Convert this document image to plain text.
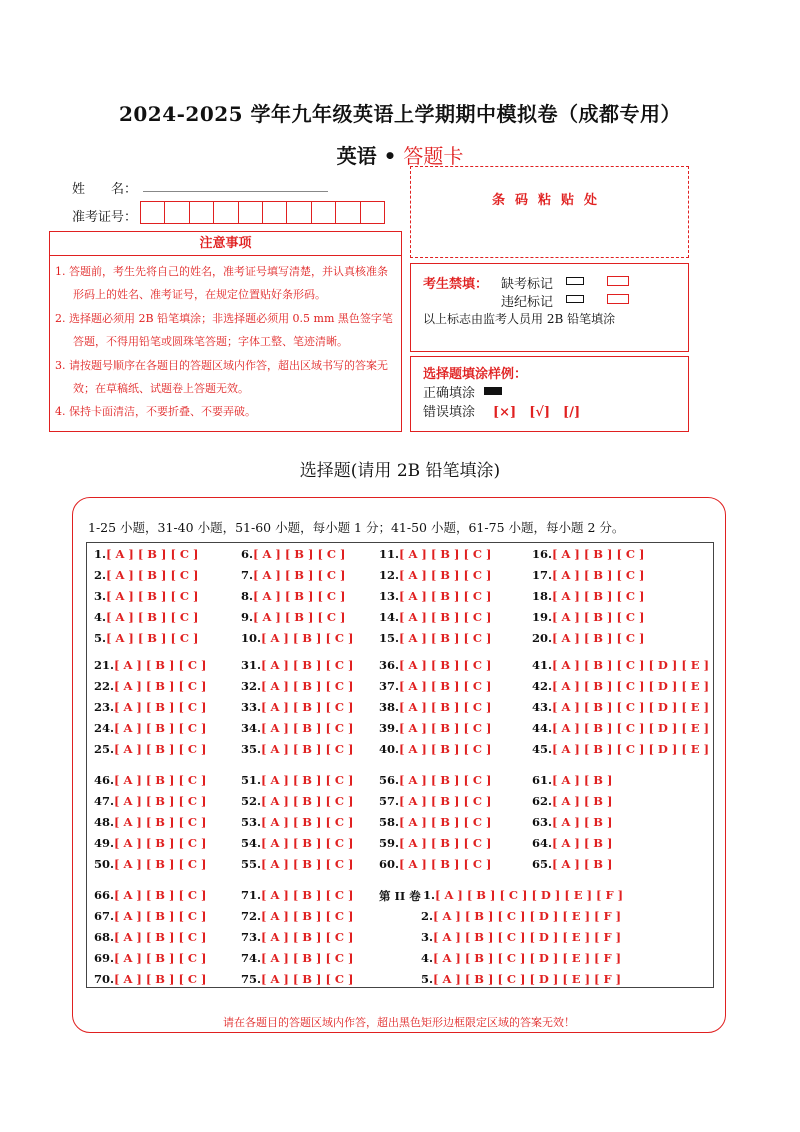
2024-2025 学年九年级英语上学期期中模拟卷（成都专用）
英语 • 答题卡
姓　　名：
准考证号：
注意事项
1. 答题前，考生先将自己的姓名，准考证号填写清楚，并认真核准条形码上的姓名、准考证号，在规定位置贴好条形码。
2. 选择题必须用 2B 铅笔填涂；非选择题必须用 0.5 mm 黑色签字笔答题，不得用铅笔或圆珠笔答题；字体工整、笔迹清晰。
3. 请按题号顺序在各题目的答题区域内作答，超出区域书写的答案无效；在草稿纸、试题卷上答题无效。
4. 保持卡面清洁，不要折叠、不要弄破。
条码粘贴处
考生禁填： 缺考标记
违纪标记
以上标志由监考人员用 2B 铅笔填涂
选择题填涂样例：
正确填涂
错误填涂 [×]　[√]　[/]
选择题(请用 2B 铅笔填涂)
1-25 小题，31-40 小题，51-60 小题，每小题 1 分；41-50 小题，61-75 小题，每小题 2 分。
1.[ A ] [ B ] [ C ]
2.[ A ] [ B ] [ C ]
3.[ A ] [ B ] [ C ]
4.[ A ] [ B ] [ C ]
5.[ A ] [ B ] [ C ]
21.[ A ] [ B ] [ C ]
22.[ A ] [ B ] [ C ]
23.[ A ] [ B ] [ C ]
24.[ A ] [ B ] [ C ]
25.[ A ] [ B ] [ C ]
46.[ A ] [ B ] [ C ]
47.[ A ] [ B ] [ C ]
48.[ A ] [ B ] [ C ]
49.[ A ] [ B ] [ C ]
50.[ A ] [ B ] [ C ]
66.[ A ] [ B ] [ C ]
67.[ A ] [ B ] [ C ]
68.[ A ] [ B ] [ C ]
69.[ A ] [ B ] [ C ]
70.[ A ] [ B ] [ C ]
6.[ A ] [ B ] [ C ]
7.[ A ] [ B ] [ C ]
8.[ A ] [ B ] [ C ]
9.[ A ] [ B ] [ C ]
10.[ A ] [ B ] [ C ]
31.[ A ] [ B ] [ C ]
32.[ A ] [ B ] [ C ]
33.[ A ] [ B ] [ C ]
34.[ A ] [ B ] [ C ]
35.[ A ] [ B ] [ C ]
51.[ A ] [ B ] [ C ]
52.[ A ] [ B ] [ C ]
53.[ A ] [ B ] [ C ]
54.[ A ] [ B ] [ C ]
55.[ A ] [ B ] [ C ]
71.[ A ] [ B ] [ C ]
72.[ A ] [ B ] [ C ]
73.[ A ] [ B ] [ C ]
74.[ A ] [ B ] [ C ]
75.[ A ] [ B ] [ C ]
11.[ A ] [ B ] [ C ]
12.[ A ] [ B ] [ C ]
13.[ A ] [ B ] [ C ]
14.[ A ] [ B ] [ C ]
15.[ A ] [ B ] [ C ]
36.[ A ] [ B ] [ C ]
37.[ A ] [ B ] [ C ]
38.[ A ] [ B ] [ C ]
39.[ A ] [ B ] [ C ]
40.[ A ] [ B ] [ C ]
56.[ A ] [ B ] [ C ]
57.[ A ] [ B ] [ C ]
58.[ A ] [ B ] [ C ]
59.[ A ] [ B ] [ C ]
60.[ A ] [ B ] [ C ]
16.[ A ] [ B ] [ C ]
17.[ A ] [ B ] [ C ]
18.[ A ] [ B ] [ C ]
19.[ A ] [ B ] [ C ]
20.[ A ] [ B ] [ C ]
41.[ A ] [ B ] [ C ] [ D ] [ E ]
42.[ A ] [ B ] [ C ] [ D ] [ E ]
43.[ A ] [ B ] [ C ] [ D ] [ E ]
44.[ A ] [ B ] [ C ] [ D ] [ E ]
45.[ A ] [ B ] [ C ] [ D ] [ E ]
61.[ A ] [ B ]
62.[ A ] [ B ]
63.[ A ] [ B ]
64.[ A ] [ B ]
65.[ A ] [ B ]
第 II 卷 1.[ A ] [ B ] [ C ] [ D ] [ E ] [ F ]
2.[ A ] [ B ] [ C ] [ D ] [ E ] [ F ]
3.[ A ] [ B ] [ C ] [ D ] [ E ] [ F ]
4.[ A ] [ B ] [ C ] [ D ] [ E ] [ F ]
5.[ A ] [ B ] [ C ] [ D ] [ E ] [ F ]
请在各题目的答题区域内作答，超出黑色矩形边框限定区域的答案无效！
